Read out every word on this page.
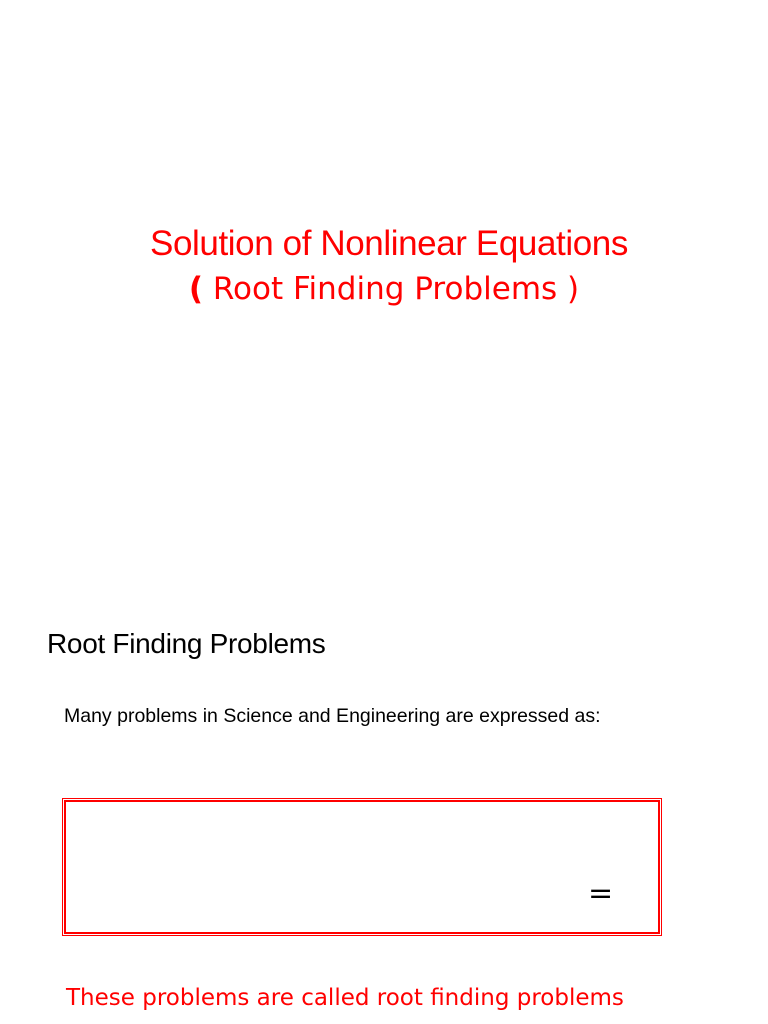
Solution of Nonlinear Equations
( Root Finding Problems )
Root Finding Problems
Many problems in Science and Engineering are expressed as:
=
These problems are called root finding problems
